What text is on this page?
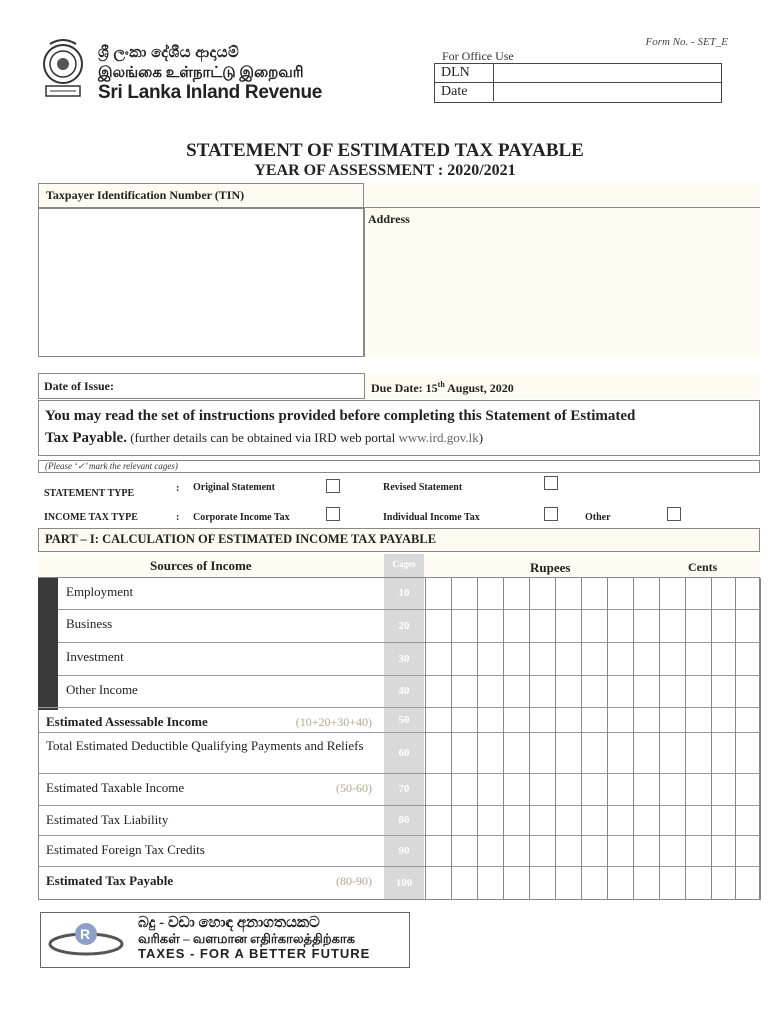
Form No. - SET_E
ශ්‍රී ලංකා දේශීය ආදායම්
இலங்கை உள்நாட்டு இறைவரி
Sri Lanka Inland Revenue
For Office Use
DLN
Date
STATEMENT OF ESTIMATED TAX PAYABLE
YEAR OF ASSESSMENT : 2020/2021
Taxpayer Identification Number (TIN)
Address
Date of Issue:	Due Date: 15th August, 2020
You may read the set of instructions provided before completing this Statement of Estimated
Tax Payable. (further details can be obtained via IRD web portal www.ird.gov.lk)
(Please ‘✓’ mark the relevant cages)
STATEMENT TYPE	: Original Statement	Revised Statement
INCOME TAX TYPE	: Corporate Income Tax	Individual Income Tax	Other
PART – I: CALCULATION OF ESTIMATED INCOME TAX PAYABLE
Sources of Income	Cages	Rupees	Cents
Employment	10
Business	20
Investment	30
Other Income	40
Estimated Assessable Income	(10+20+30+40)	50
Total Estimated Deductible Qualifying Payments and Reliefs	60
Estimated Taxable Income	(50-60)	70
Estimated Tax Liability	80
Estimated Foreign Tax Credits	90
Estimated Tax Payable	(80-90)	100
R
බදු - වඩා හොඳ අනාගතයකට
வரிகள் – வளமான எதிர்காலத்திற்காக
TAXES - FOR A BETTER FUTURE
